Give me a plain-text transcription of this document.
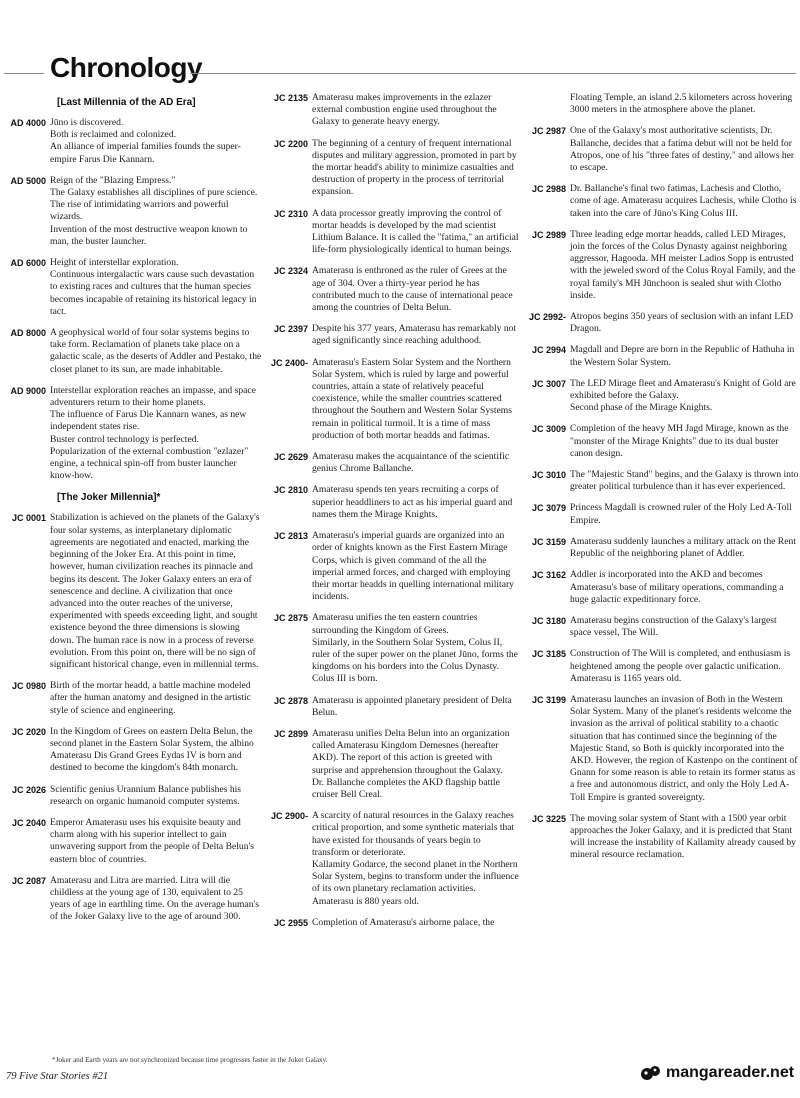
Chronology
[Last Millennia of the AD Era]
AD 4000 Jūno is discovered.
Both is reclaimed and colonized.
An alliance of imperial families founds the super-empire Farus Die Kannarn.
AD 5000 Reign of the "Blazing Empress."
The Galaxy establishes all disciplines of pure science.
The rise of intimidating warriors and powerful wizards.
Invention of the most destructive weapon known to man, the buster launcher.
AD 6000 Height of interstellar exploration.
Continuous intergalactic wars cause such devastation to existing races and cultures that the human species becomes incapable of retaining its historical legacy in tact.
AD 8000 A geophysical world of four solar systems begins to take form. Reclamation of planets take place on a galactic scale, as the deserts of Addler and Pestako, the closet planet to its sun, are made inhabitable.
AD 9000 Interstellar exploration reaches an impasse, and space adventurers return to their home planets.
The influence of Farus Die Kannarn wanes, as new independent states rise.
Buster control technology is perfected.
Popularization of the external combustion "ezlazer" engine, a technical spin-off from buster launcher know-how.
[The Joker Millennia]*
JC 0001 Stabilization is achieved on the planets of the Galaxy's four solar systems, as interplanetary diplomatic agreements are negotiated and enacted, marking the beginning of the Joker Era. At this point in time, however, human civilization reaches its pinnacle and begins its descent. The Joker Galaxy enters an era of senescence and decline. A civilization that once advanced into the outer reaches of the universe, experimented with speeds exceeding light, and sought existence beyond the three dimensions is slowing down. The human race is now in a process of reverse evolution. From this point on, there will be no sign of significant historical change, even in millennial terms.
JC 0980 Birth of the mortar headd, a battle machine modeled after the human anatomy and designed in the artistic style of science and engineering.
JC 2020 In the Kingdom of Grees on eastern Delta Belun, the second planet in the Eastern Solar System, the albino Amaterasu Dis Grand Grees Eydas IV is born and destined to become the kingdom's 84th monarch.
JC 2026 Scientific genius Urannium Balance publishes his research on organic humanoid computer systems.
JC 2040 Emperor Amaterasu uses his exquisite beauty and charm along with his superior intellect to gain unwavering support from the people of Delta Belun's eastern bloc of countries.
JC 2087 Amaterasu and Litra are married. Litra will die childless at the young age of 130, equivalent to 25 years of age in earthling time. On the average human's of the Joker Galaxy live to the age of around 300.
JC 2135 Amaterasu makes improvements in the ezlazer external combustion engine used throughout the Galaxy to generate heavy energy.
JC 2200 The beginning of a century of frequent international disputes and military aggression, promoted in part by the mortar headd's ability to minimize casualties and destruction of property in the process of territorial expansion.
JC 2310 A data processor greatly improving the control of mortar headds is developed by the mad scientist Lithium Balance. It is called the "fatima," an artificial life-form physiologically identical to human beings.
JC 2324 Amaterasu is enthroned as the ruler of Grees at the age of 304. Over a thirty-year period he has contributed much to the cause of international peace among the countries of Delta Belun.
JC 2397 Despite his 377 years, Amaterasu has remarkably not aged significantly since reaching adulthood.
JC 2400- Amaterasu's Eastern Solar System and the Northern Solar System, which is ruled by large and powerful countries, attain a state of relatively peaceful coexistence, while the smaller countries scattered throughout the Southern and Western Solar Systems remain in political turmoil. It is a time of mass production of both mortar headds and fatimas.
JC 2629 Amaterasu makes the acquaintance of the scientific genius Chrome Ballanche.
JC 2810 Amaterasu spends ten years recruiting a corps of superior headdliners to act as his imperial guard and names them the Mirage Knights.
JC 2813 Amaterasu's imperial guards are organized into an order of knights known as the First Eastern Mirage Corps, which is given command of the all the imperial armed forces, and charged with employing their mortar headds in quelling international military incidents.
JC 2875 Amaterasu unifies the ten eastern countries surrounding the Kingdom of Grees.
Similarly, in the Southern Solar System, Colus II, ruler of the super power on the planet Jūno, forms the kingdoms on his borders into the Colus Dynasty.
Colus III is born.
JC 2878 Amaterasu is appointed planetary president of Delta Belun.
JC 2899 Amaterasu unifies Delta Belun into an organization called Amaterasu Kingdom Demesnes (hereafter AKD). The report of this action is greeted with surprise and apprehension throughout the Galaxy.
Dr. Ballanche completes the AKD flagship battle cruiser Bell Creal.
JC 2900- A scarcity of natural resources in the Galaxy reaches critical proportion, and some synthetic materials that have existed for thousands of years begin to transform or deteriorate.
Kallamity Godarce, the second planet in the Northern Solar System, begins to transform under the influence of its own planetary reclamation activities.
Amaterasu is 880 years old.
JC 2955 Completion of Amaterasu's airborne palace, the
Floating Temple, an island 2.5 kilometers across hovering 3000 meters in the atmosphere above the planet.
JC 2987 One of the Galaxy's most authoritative scientists, Dr. Ballanche, decides that a fatima debut will not be held for Atropos, one of his "three fates of destiny," and allows her to escape.
JC 2988 Dr. Ballanche's final two fatimas, Lachesis and Clotho, come of age. Amaterasu acquires Lachesis, while Clotho is taken into the care of Jūno's King Colus III.
JC 2989 Three leading edge mortar headds, called LED Mirages, join the forces of the Colus Dynasty against neighboring aggressor, Hagooda. MH meister Ladios Sopp is entrusted with the jeweled sword of the Colus Royal Family, and the royal family's MH Jūnchoon is sealed shut with Clotho inside.
JC 2992- Atropos begins 350 years of seclusion with an infant LED Dragon.
JC 2994 Magdall and Depre are born in the Republic of Hathuha in the Western Solar System.
JC 3007 The LED Mirage fleet and Amaterasu's Knight of Gold are exhibited before the Galaxy.
Second phase of the Mirage Knights.
JC 3009 Completion of the heavy MH Jagd Mirage, known as the "monster of the Mirage Knights" due to its dual buster canon design.
JC 3010 The "Majestic Stand" begins, and the Galaxy is thrown into greater political turbulence than it has ever experienced.
JC 3079 Princess Magdall is crowned ruler of the Holy Led A-Toll Empire.
JC 3159 Amaterasu suddenly launches a military attack on the Rent Republic of the neighboring planet of Addler.
JC 3162 Addler is incorporated into the AKD and becomes Amaterasu's base of military operations, commanding a huge galactic expeditionary force.
JC 3180 Amaterasu begins construction of the Galaxy's largest space vessel, The Will.
JC 3185 Construction of The Will is completed, and enthusiasm is heightened among the people over galactic unification.
Amaterasu is 1165 years old.
JC 3199 Amaterasu launches an invasion of Both in the Western Solar System. Many of the planet's residents welcome the invasion as the arrival of political stability to a chaotic situation that has continued since the beginning of the Majestic Stand, so Both is quickly incorporated into the AKD. However, the region of Kastenpo on the continent of Gnann for some reason is able to retain its former status as a free and autonomous district, and only the Holy Led A-Toll Empire is granted sovereignty.
JC 3225 The moving solar system of Stant with a 1500 year orbit approaches the Joker Galaxy, and it is predicted that Stant will increase the instability of Kallamity already caused by mineral resource reclamation.
*Joker and Earth years are not synchronized because time progresses faster in the Joker Galaxy.
79 Five Star Stories #21	mangareader.net
